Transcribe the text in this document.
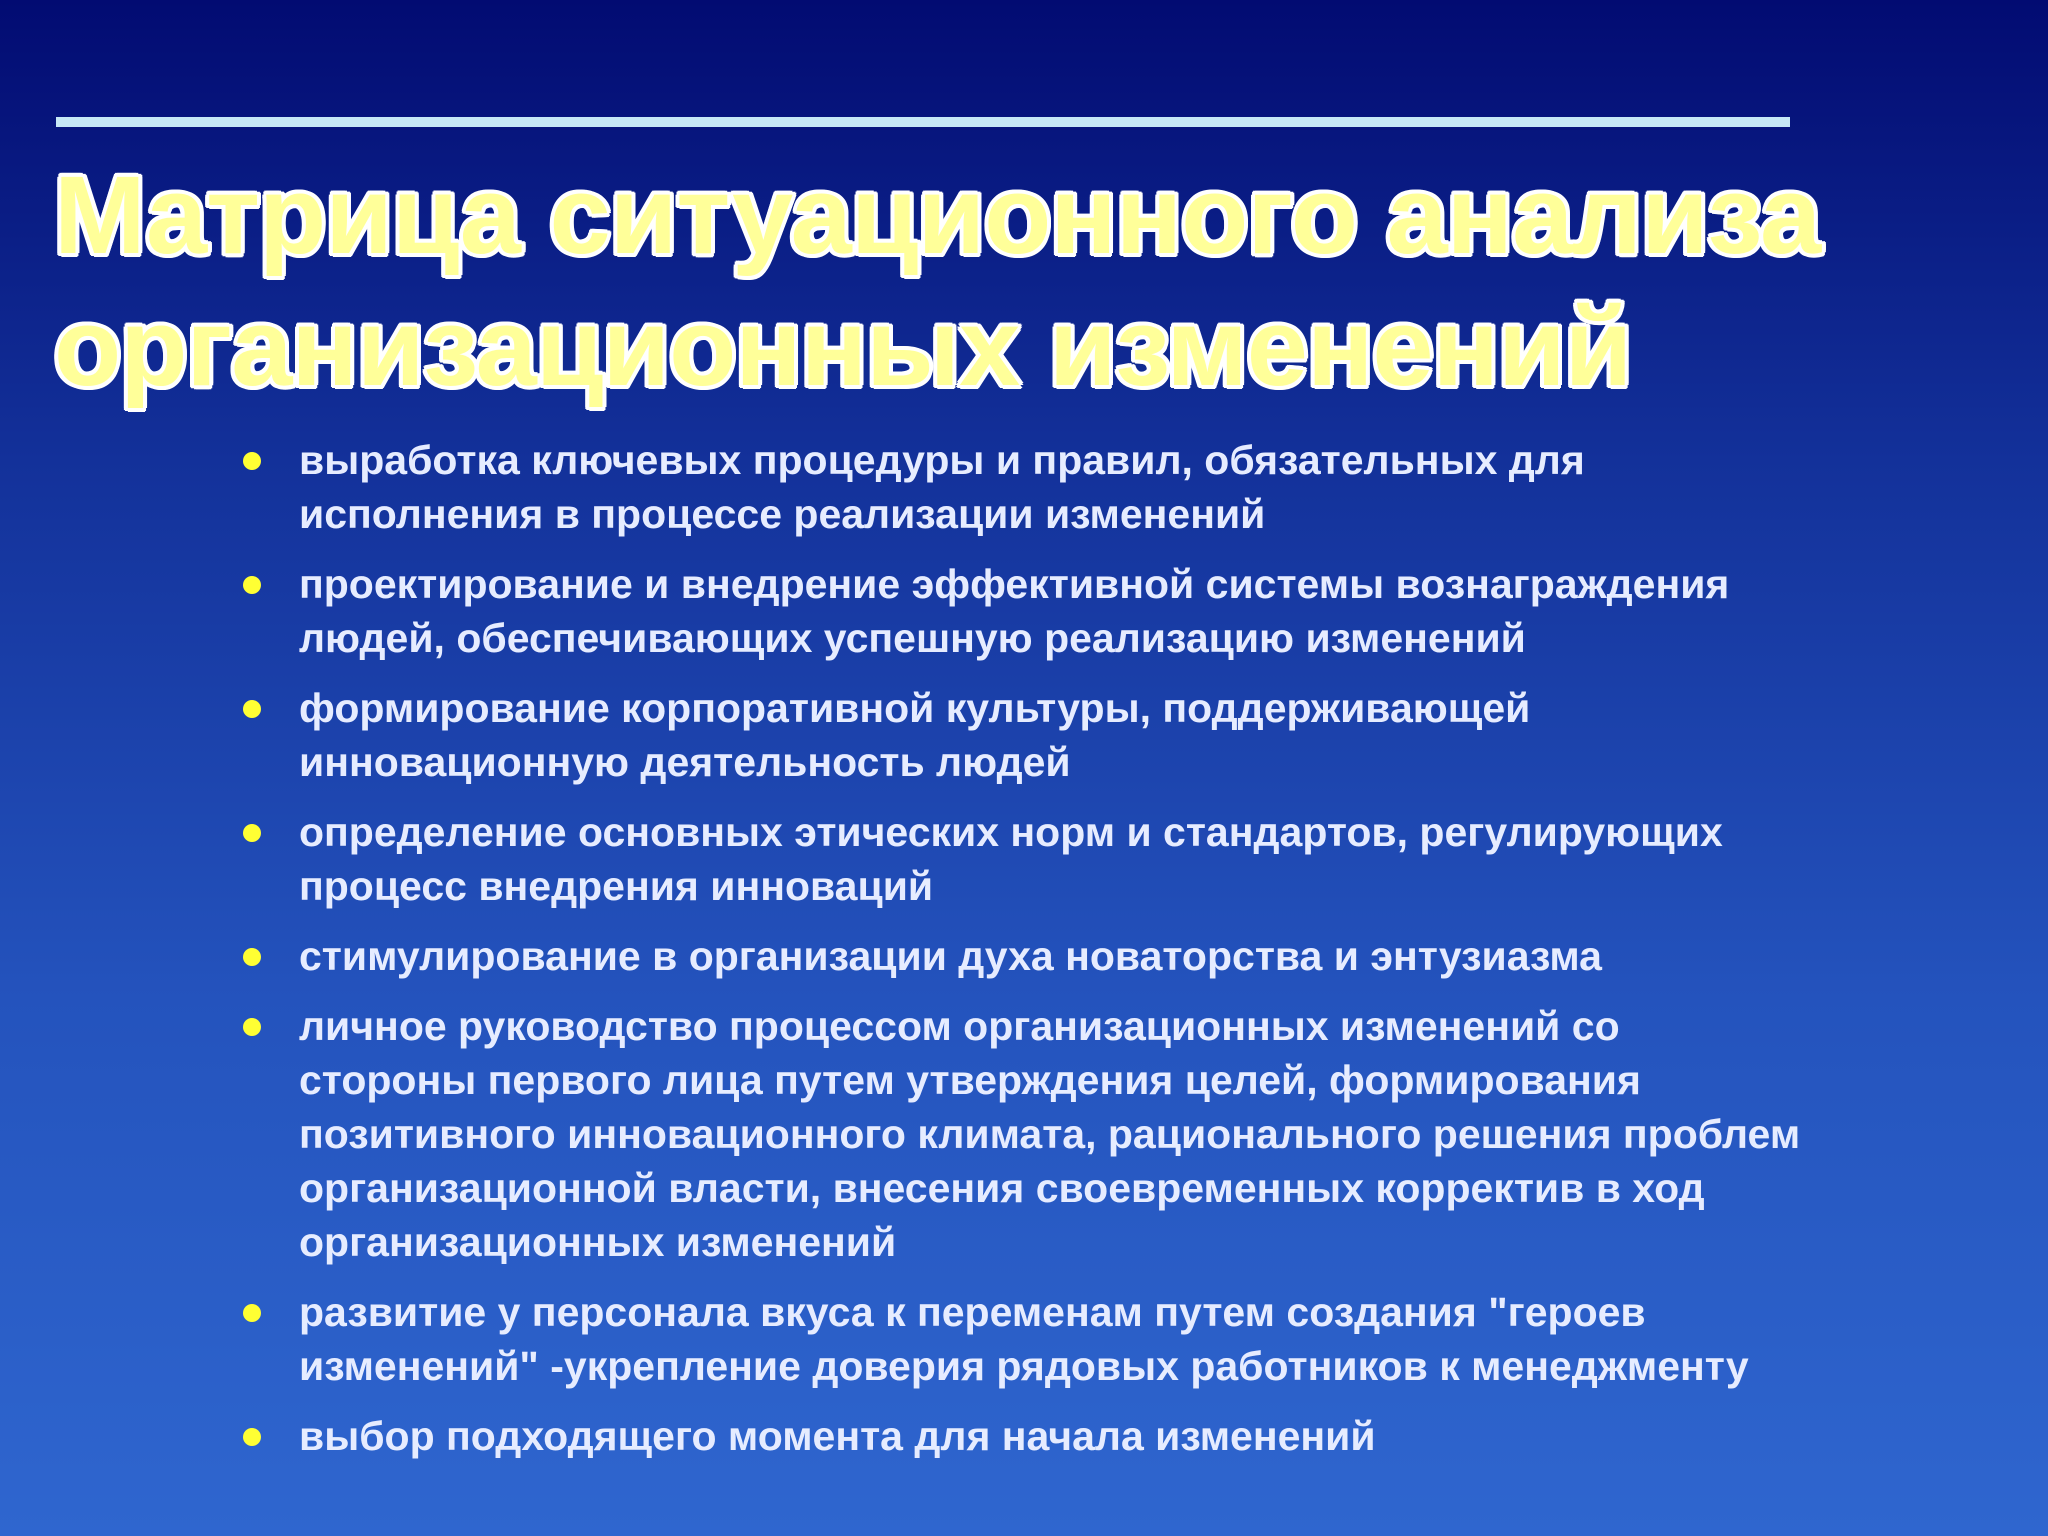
Матрица ситуационного анализа
организационных изменений
выработка ключевых процедуры и правил, обязательных для
исполнения в процессе реализации изменений
проектирование и внедрение эффективной системы вознаграждения
людей, обеспечивающих успешную реализацию изменений
формирование корпоративной культуры, поддерживающей
инновационную деятельность людей
определение основных этических норм и стандартов, регулирующих
процесс внедрения инноваций
стимулирование в организации духа новаторства и энтузиазма
личное руководство процессом организационных изменений со
стороны первого лица путем утверждения целей, формирования
позитивного инновационного климата, рационального решения проблем
организационной власти, внесения своевременных корректив в ход
организационных изменений
развитие у персонала вкуса к переменам путем создания "героев
изменений" -укрепление доверия рядовых работников к менеджменту
выбор подходящего момента для начала изменений
